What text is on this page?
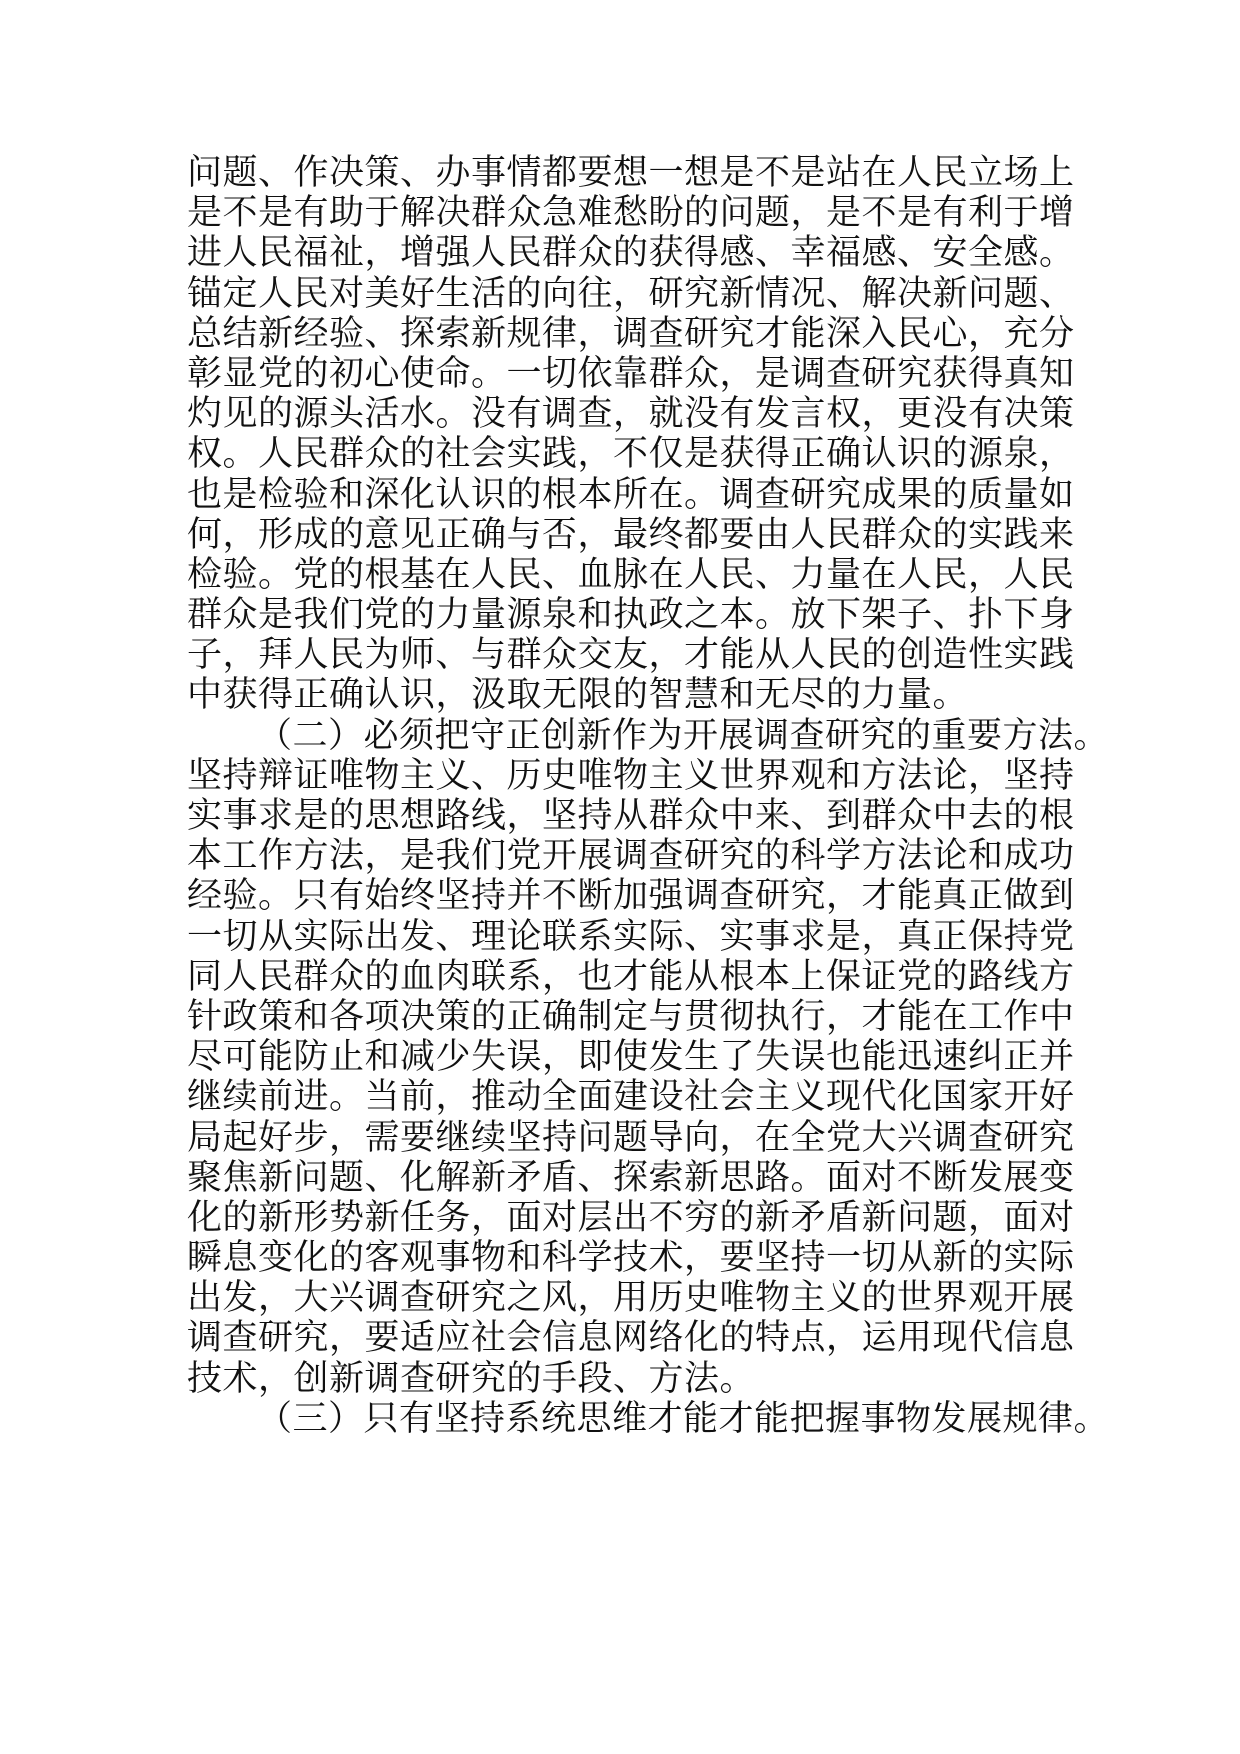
问题、作决策、办事情都要想一想是不是站在人民立场上
是不是有助于解决群众急难愁盼的问题，是不是有利于增
进人民福祉，增强人民群众的获得感、幸福感、安全感。
锚定人民对美好生活的向往，研究新情况、解决新问题、
总结新经验、探索新规律，调查研究才能深入民心，充分
彰显党的初心使命。一切依靠群众，是调查研究获得真知
灼见的源头活水。没有调查，就没有发言权，更没有决策
权。人民群众的社会实践，不仅是获得正确认识的源泉，
也是检验和深化认识的根本所在。调查研究成果的质量如
何，形成的意见正确与否，最终都要由人民群众的实践来
检验。党的根基在人民、血脉在人民、力量在人民，人民
群众是我们党的力量源泉和执政之本。放下架子、扑下身
子，拜人民为师、与群众交友，才能从人民的创造性实践
中获得正确认识，汲取无限的智慧和无尽的力量。
（二）必须把守正创新作为开展调查研究的重要方法。
坚持辩证唯物主义、历史唯物主义世界观和方法论，坚持
实事求是的思想路线，坚持从群众中来、到群众中去的根
本工作方法，是我们党开展调查研究的科学方法论和成功
经验。只有始终坚持并不断加强调查研究，才能真正做到
一切从实际出发、理论联系实际、实事求是，真正保持党
同人民群众的血肉联系，也才能从根本上保证党的路线方
针政策和各项决策的正确制定与贯彻执行，才能在工作中
尽可能防止和减少失误，即使发生了失误也能迅速纠正并
继续前进。当前，推动全面建设社会主义现代化国家开好
局起好步，需要继续坚持问题导向，在全党大兴调查研究
聚焦新问题、化解新矛盾、探索新思路。面对不断发展变
化的新形势新任务，面对层出不穷的新矛盾新问题，面对
瞬息变化的客观事物和科学技术，要坚持一切从新的实际
出发，大兴调查研究之风，用历史唯物主义的世界观开展
调查研究，要适应社会信息网络化的特点，运用现代信息
技术，创新调查研究的手段、方法。
（三）只有坚持系统思维才能才能把握事物发展规律。
